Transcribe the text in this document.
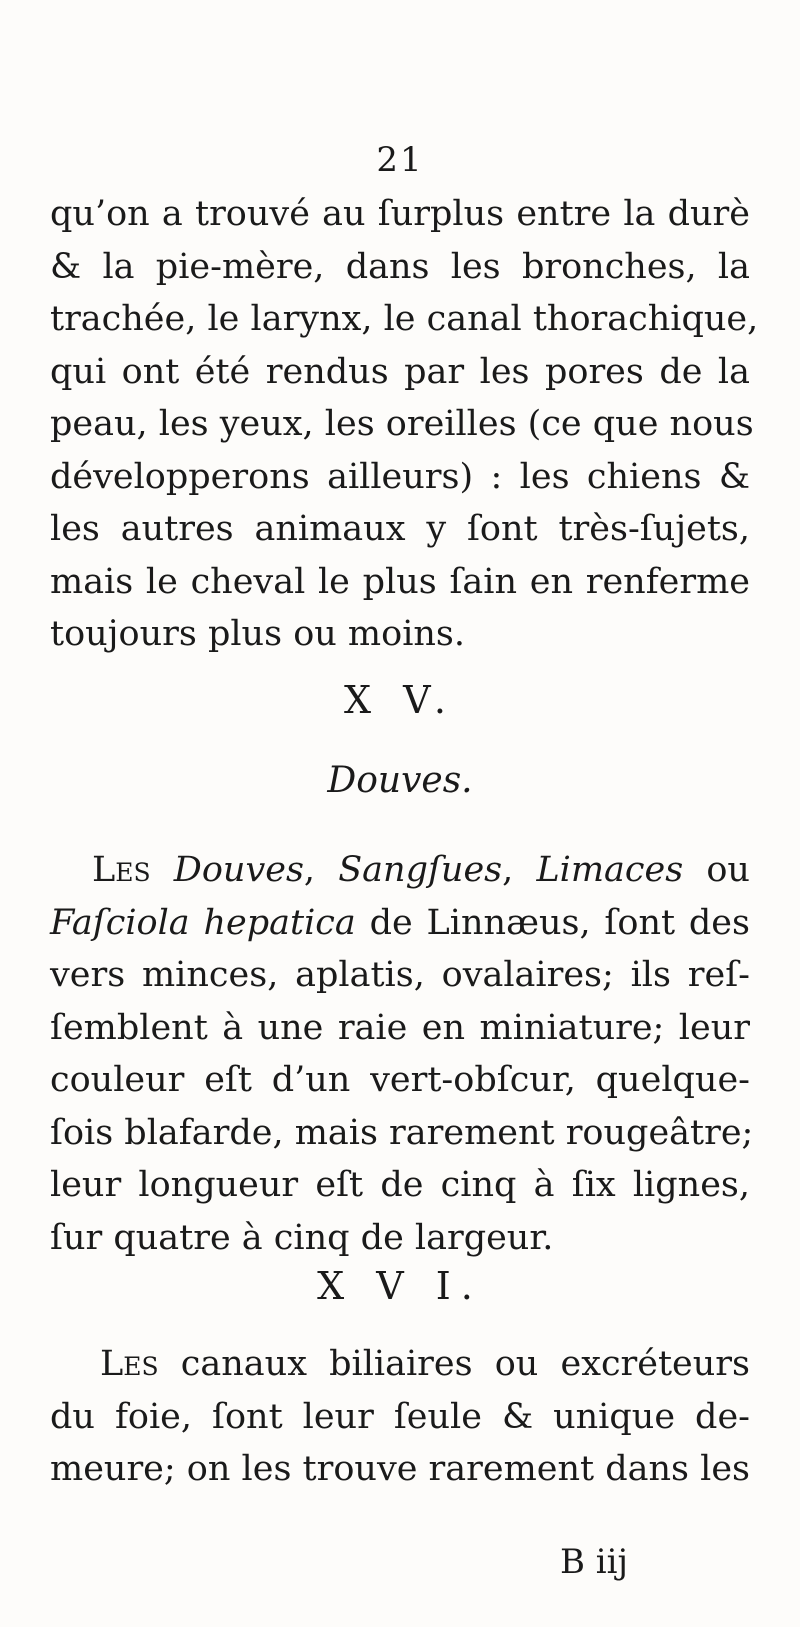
21
qu’on a trouvé au ſurplus entre la durè
& la pie-mère, dans les bronches, la
trachée, le larynx, le canal thorachique,
qui ont été rendus par les pores de la
peau, les yeux, les oreilles (ce que nous
développerons ailleurs) : les chiens &
les autres animaux y ſont très-ſujets,
mais le cheval le plus ſain en renferme
toujours plus ou moins.
X V.
Douves.
Les Douves, Sangſues, Limaces ou
Faſciola hepatica de Linnæus, ſont des
vers minces, aplatis, ovalaires; ils reſ-
ſemblent à une raie en miniature; leur
couleur eſt d’un vert-obſcur, quelque-
ſois blafarde, mais rarement rougeâtre;
leur longueur eſt de cinq à ſix lignes,
ſur quatre à cinq de largeur.
X V I.
Les canaux biliaires ou excréteurs
du foie, ſont leur ſeule & unique de-
meure; on les trouve rarement dans les
B iij
